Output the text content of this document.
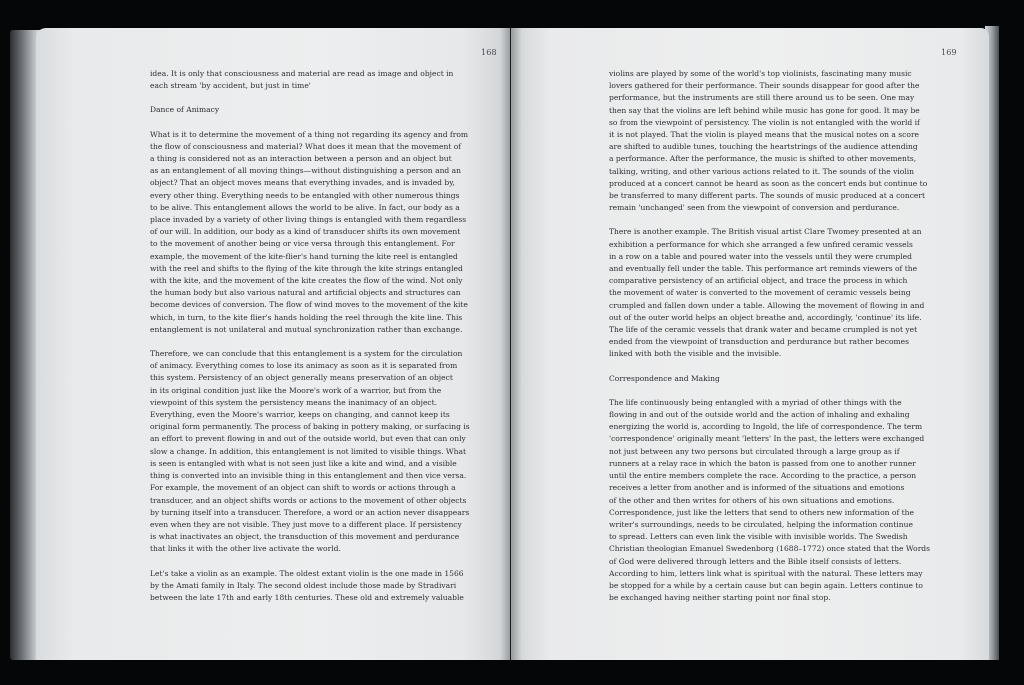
168

idea. It is only that consciousness and material are read as image and object in

each stream 'by accident, but just in time'

Dance of Animacy

What is it to determine the movement of a thing not regarding its agency and from

the flow of consciousness and material? What does it mean that the movement of

a thing is considered not as an interaction between a person and an object but

as an entanglement of all moving things—without distinguishing a person and an

object? That an object moves means that everything invades, and is invaded by,

every other thing. Everything needs to be entangled with other numerous things

to be alive. This entanglement allows the world to be alive. In fact, our body as a

place invaded by a variety of other living things is entangled with them regardless

of our will. In addition, our body as a kind of transducer shifts its own movement

to the movement of another being or vice versa through this entanglement. For

example, the movement of the kite-flier's hand turning the kite reel is entangled

with the reel and shifts to the flying of the kite through the kite strings entangled

with the kite, and the movement of the kite creates the flow of the wind. Not only

the human body but also various natural and artificial objects and structures can

become devices of conversion. The flow of wind moves to the movement of the kite

which, in turn, to the kite flier's hands holding the reel through the kite line. This

entanglement is not unilateral and mutual synchronization rather than exchange.

Therefore, we can conclude that this entanglement is a system for the circulation

of animacy. Everything comes to lose its animacy as soon as it is separated from

this system. Persistency of an object generally means preservation of an object

in its original condition just like the Moore's work of a warrior, but from the

viewpoint of this system the persistency means the inanimacy of an object.

Everything, even the Moore's warrior, keeps on changing, and cannot keep its

original form permanently. The process of baking in pottery making, or surfacing is

an effort to prevent flowing in and out of the outside world, but even that can only

slow a change. In addition, this entanglement is not limited to visible things. What

is seen is entangled with what is not seen just like a kite and wind, and a visible

thing is converted into an invisible thing in this entanglement and then vice versa.

For example, the movement of an object can shift to words or actions through a

transducer, and an object shifts words or actions to the movement of other objects

by turning itself into a transducer. Therefore, a word or an action never disappears

even when they are not visible. They just move to a different place. If persistency

is what inactivates an object, the transduction of this movement and perdurance

that links it with the other live activate the world.

Let's take a violin as an example. The oldest extant violin is the one made in 1566

by the Amati family in Italy. The second oldest include those made by Stradivari

between the late 17th and early 18th centuries. These old and extremely valuable

169

violins are played by some of the world's top violinists, fascinating many music

lovers gathered for their performance. Their sounds disappear for good after the

performance, but the instruments are still there around us to be seen. One may

then say that the violins are left behind while music has gone for good. It may be

so from the viewpoint of persistency. The violin is not entangled with the world if

it is not played. That the violin is played means that the musical notes on a score

are shifted to audible tunes, touching the heartstrings of the audience attending

a performance. After the performance, the music is shifted to other movements,

talking, writing, and other various actions related to it. The sounds of the violin

produced at a concert cannot be heard as soon as the concert ends but continue to

be transferred to many different parts. The sounds of music produced at a concert

remain 'unchanged' seen from the viewpoint of conversion and perdurance.

There is another example. The British visual artist Clare Twomey presented at an

exhibition a performance for which she arranged a few unfired ceramic vessels

in a row on a table and poured water into the vessels until they were crumpled

and eventually fell under the table. This performance art reminds viewers of the

comparative persistency of an artificial object, and trace the process in which

the movement of water is converted to the movement of ceramic vessels being

crumpled and fallen down under a table. Allowing the movement of flowing in and

out of the outer world helps an object breathe and, accordingly, 'continue' its life.

The life of the ceramic vessels that drank water and became crumpled is not yet

ended from the viewpoint of transduction and perdurance but rather becomes

linked with both the visible and the invisible.

Correspondence and Making

The life continuously being entangled with a myriad of other things with the

flowing in and out of the outside world and the action of inhaling and exhaling

energizing the world is, according to Ingold, the life of correspondence. The term

'correspondence' originally meant 'letters' In the past, the letters were exchanged

not just between any two persons but circulated through a large group as if

runners at a relay race in which the baton is passed from one to another runner

until the entire members complete the race. According to the practice, a person

receives a letter from another and is informed of the situations and emotions

of the other and then writes for others of his own situations and emotions.

Correspondence, just like the letters that send to others new information of the

writer's surroundings, needs to be circulated, helping the information continue

to spread. Letters can even link the visible with invisible worlds. The Swedish

Christian theologian Emanuel Swedenborg (1688–1772) once stated that the Words

of God were delivered through letters and the Bible itself consists of letters.

According to him, letters link what is spiritual with the natural. These letters may

be stopped for a while by a certain cause but can begin again. Letters continue to

be exchanged having neither starting point nor final stop.
